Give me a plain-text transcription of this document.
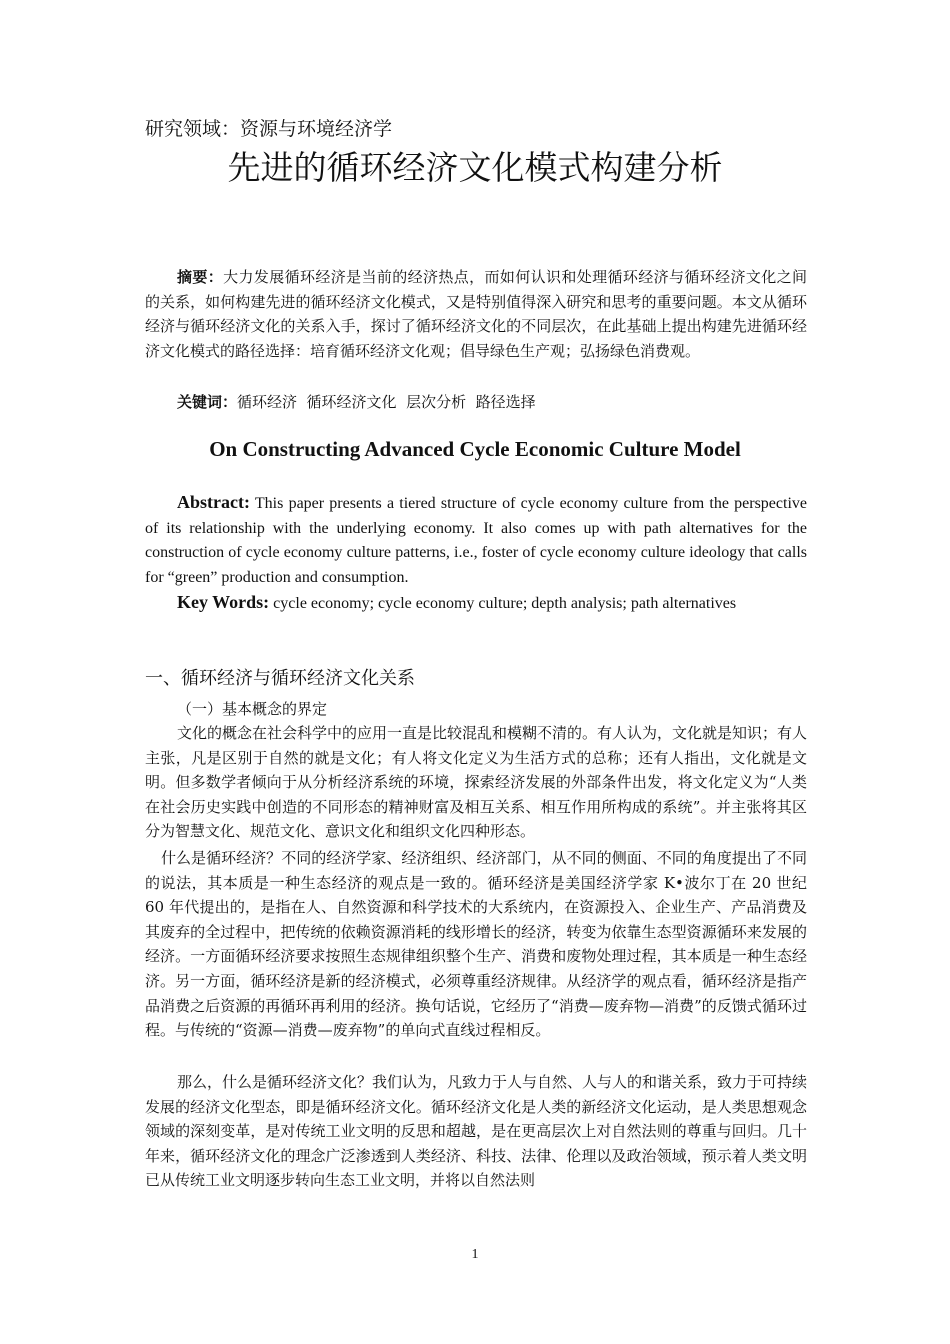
研究领域：资源与环境经济学
先进的循环经济文化模式构建分析
摘要：大力发展循环经济是当前的经济热点，而如何认识和处理循环经济与循环经济文化之间的关系，如何构建先进的循环经济文化模式，又是特别值得深入研究和思考的重要问题。本文从循环经济与循环经济文化的关系入手，探讨了循环经济文化的不同层次，在此基础上提出构建先进循环经济文化模式的路径选择：培育循环经济文化观；倡导绿色生产观；弘扬绿色消费观。
关键词：循环经济  循环经济文化  层次分析  路径选择
On Constructing Advanced Cycle Economic Culture Model
Abstract: This paper presents a tiered structure of cycle economy culture from the perspective of its relationship with the underlying economy. It also comes up with path alternatives for the construction of cycle economy culture patterns, i.e., foster of cycle economy culture ideology that calls for “green” production and consumption.
Key Words: cycle economy; cycle economy culture; depth analysis; path alternatives
一、循环经济与循环经济文化关系
（一）基本概念的界定

文化的概念在社会科学中的应用一直是比较混乱和模糊不清的。有人认为，文化就是知识；有人主张，凡是区别于自然的就是文化；有人将文化定义为生活方式的总称；还有人指出，文化就是文明。但多数学者倾向于从分析经济系统的环境，探索经济发展的外部条件出发，将文化定义为“人类在社会历史实践中创造的不同形态的精神财富及相互关系、相互作用所构成的系统”。并主张将其区分为智慧文化、规范文化、意识文化和组织文化四种形态。

什么是循环经济？不同的经济学家、经济组织、经济部门，从不同的侧面、不同的角度提出了不同的说法，其本质是一种生态经济的观点是一致的。循环经济是美国经济学家 K•波尔丁在 20 世纪 60 年代提出的，是指在人、自然资源和科学技术的大系统内，在资源投入、企业生产、产品消费及其废弃的全过程中，把传统的依赖资源消耗的线形增长的经济，转变为依靠生态型资源循环来发展的经济。一方面循环经济要求按照生态规律组织整个生产、消费和废物处理过程，其本质是一种生态经济。另一方面，循环经济是新的经济模式，必须尊重经济规律。从经济学的观点看，循环经济是指产品消费之后资源的再循环再利用的经济。换句话说，它经历了“消费—废弃物—消费”的反馈式循环过程。与传统的“资源—消费—废弃物”的单向式直线过程相反。

那么，什么是循环经济文化？我们认为，凡致力于人与自然、人与人的和谐关系，致力于可持续发展的经济文化型态，即是循环经济文化。循环经济文化是人类的新经济文化运动，是人类思想观念领域的深刻变革，是对传统工业文明的反思和超越，是在更高层次上对自然法则的尊重与回归。几十年来，循环经济文化的理念广泛渗透到人类经济、科技、法律、伦理以及政治领域，预示着人类文明已从传统工业文明逐步转向生态工业文明，并将以自然法则

1
